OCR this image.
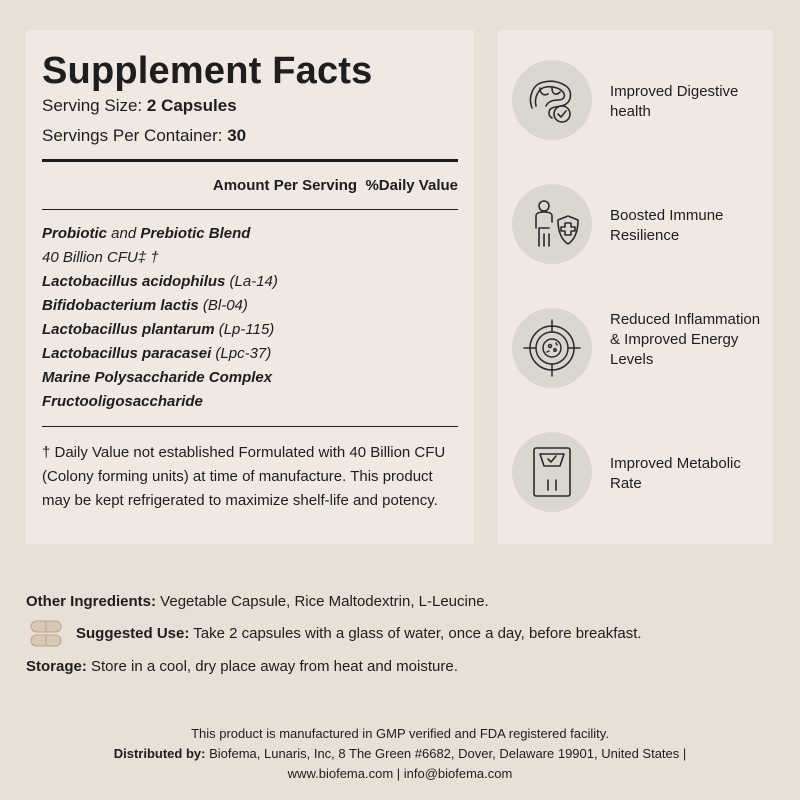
Supplement Facts
Serving Size: 2 Capsules
Servings Per Container: 30
Amount Per Serving %Daily Value
Probiotic and Prebiotic Blend
40 Billion CFU‡ †
Lactobacillus acidophilus (La-14)
Bifidobacterium lactis (Bl-04)
Lactobacillus plantarum (Lp-115)
Lactobacillus paracasei (Lpc-37)
Marine Polysaccharide Complex
Fructooligosaccharide
† Daily Value not established Formulated with 40 Billion CFU (Colony forming units) at time of manufacture. This product may be kept refrigerated to maximize shelf-life and potency.
Improved Digestive health
Boosted Immune Resilience
Reduced Inflammation & Improved Energy Levels
Improved Metabolic Rate
Other Ingredients: Vegetable Capsule, Rice Maltodextrin, L-Leucine.
Suggested Use: Take 2 capsules with a glass of water, once a day, before breakfast.
Storage: Store in a cool, dry place away from heat and moisture.
This product is manufactured in GMP verified and FDA registered facility.
Distributed by: Biofema, Lunaris, Inc, 8 The Green #6682, Dover, Delaware 19901, United States |
www.biofema.com | info@biofema.com
